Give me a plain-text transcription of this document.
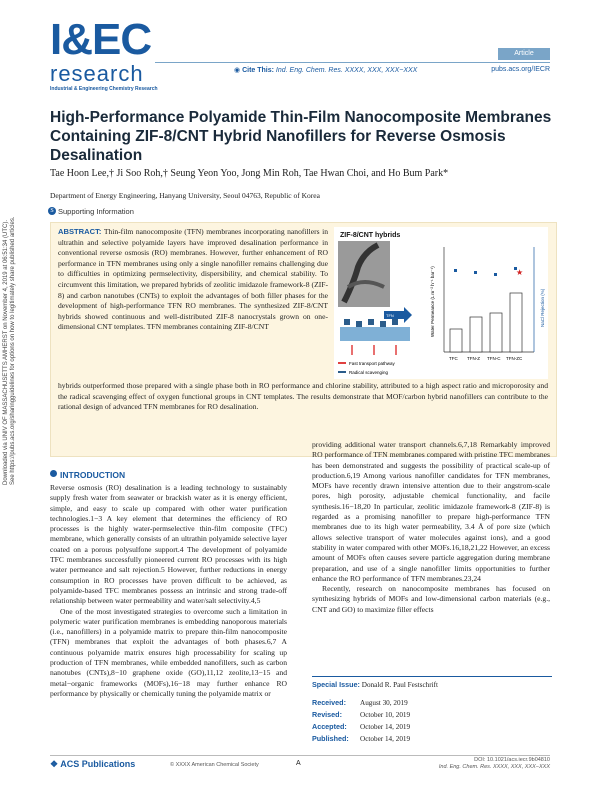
I&EC
research
Industrial & Engineering Chemistry Research
Article
◉ Cite This: Ind. Eng. Chem. Res. XXXX, XXX, XXX−XXX	pubs.acs.org/IECR
Downloaded via UNIV OF MASSACHUSETTS AMHERST on November 4, 2019 at 06:51:34 (UTC). See https://pubs.acs.org/sharingguidelines for options on how to legitimately share published articles.
High-Performance Polyamide Thin-Film Nanocomposite Membranes Containing ZIF-8/CNT Hybrid Nanofillers for Reverse Osmosis Desalination
Tae Hoon Lee,† Ji Soo Roh,† Seung Yeon Yoo, Jong Min Roh, Tae Hwan Choi, and Ho Bum Park*
Department of Energy Engineering, Hanyang University, Seoul 04763, Republic of Korea
S Supporting Information
ABSTRACT: Thin-film nanocomposite (TFN) membranes incorporating nanofillers in ultrathin and selective polyamide layers have improved desalination performance in conventional reverse osmosis (RO) membranes. However, further enhancement of RO performance in TFN membranes using only a single nanofiller remains challenging due to difficulties in optimizing permselectivity, dispersibility, and chemical stability. To circumvent this limitation, we prepared hybrids of zeolitic imidazole framework-8 (ZIF-8) and carbon nanotubes (CNTs) to exploit the advantages of both filler phases for the development of high-performance TFN RO membranes. The synthesized ZIF-8/CNT hybrids showed continuous and well-distributed ZIF-8 nanocrystals grown on one-dimensional CNT templates. TFN membranes containing ZIF-8/CNT
hybrids outperformed those prepared with a single phase both in RO performance and chlorine stability, attributed to a high aspect ratio and microporosity and the radical scavenging effect of oxygen functional groups in CNT templates. The results demonstrate that MOF/carbon hybrid nanofillers can contribute to the rational design of advanced TFN membranes for RO desalination.
ZIF-8/CNT hybrids
TFN
Fast transport pathway
Radical scavenging
★
Water Permeance (L m⁻² h⁻¹ bar⁻¹)	NaCl Rejection (%)
TFC TFN-Z TFN-C TFN-ZC
INTRODUCTION

Reverse osmosis (RO) desalination is a leading technology to sustainably supply fresh water from seawater or brackish water as it is energy efficient, simple, and easy to scale up compared with other water purification technologies.1−3 A key element that determines the efficiency of RO processes is the highly water-permselective thin-film composite (TFC) membrane, which generally consists of an ultrathin polyamide selective layer coated on a porous polysulfone support.4 The development of polyamide TFC membranes successfully pioneered current RO processes with its high water permeance and salt rejection.5 However, further reductions in energy consumption in RO processes have proven difficult to be achieved, as polyamide-based TFC membranes possess an intrinsic and strong trade-off relationship between water permeability and water/salt selectivity.4,5

One of the most investigated strategies to overcome such a limitation in polymeric water purification membranes is embedding nanoporous materials (i.e., nanofillers) in a polyamide matrix to prepare thin-film nanocomposite (TFN) membranes that exploit the advantages of both phases.6,7 A continuous polyamide matrix ensures high processability for scaling up production of TFN membranes, while embedded nanofillers, such as carbon nanotubes (CNTs),8−10 graphene oxide (GO),11,12 zeolite,13−15 and metal−organic frameworks (MOFs),16−18 may further enhance RO performance by physically or chemically tuning the polyamide matrix or

providing additional water transport channels.6,7,18 Remarkably improved RO performance of TFN membranes compared with pristine TFC membranes has been demonstrated and suggests the possibility of practical scale-up of production.6,19 Among various nanofiller candidates for TFN membranes, MOFs have recently drawn intensive attention due to their angstrom-scale pores, high porosity, adjustable chemical functionality, and facile synthesis.16−18,20 In particular, zeolitic imidazole framework-8 (ZIF-8) is regarded as a promising nanofiller to prepare high-performance TFN membranes due to its high water permeability, 3.4 Å of pore size (which allows selective transport of water molecules against ions), and a good stability in water compared with other MOFs.16,18,21,22 However, an excess amount of MOFs often causes severe particle aggregation during membrane preparation, and use of a single nanofiller limits opportunities to further enhance the RO performance of TFN membranes.23,24

Recently, research on nanocomposite membranes has focused on synthesizing hybrids of MOFs and low-dimensional carbon materials (e.g., CNT and GO) to maximize filler effects

Special Issue: Donald R. Paul Festschrift
Received: August 30, 2019
Revised:	October 10, 2019
Accepted: October 14, 2019
Published: October 14, 2019
❖ ACS Publications	© XXXX American Chemical Society	A	DOI: 10.1021/acs.iecr.9b04810
Ind. Eng. Chem. Res. XXXX, XXX, XXX−XXX
